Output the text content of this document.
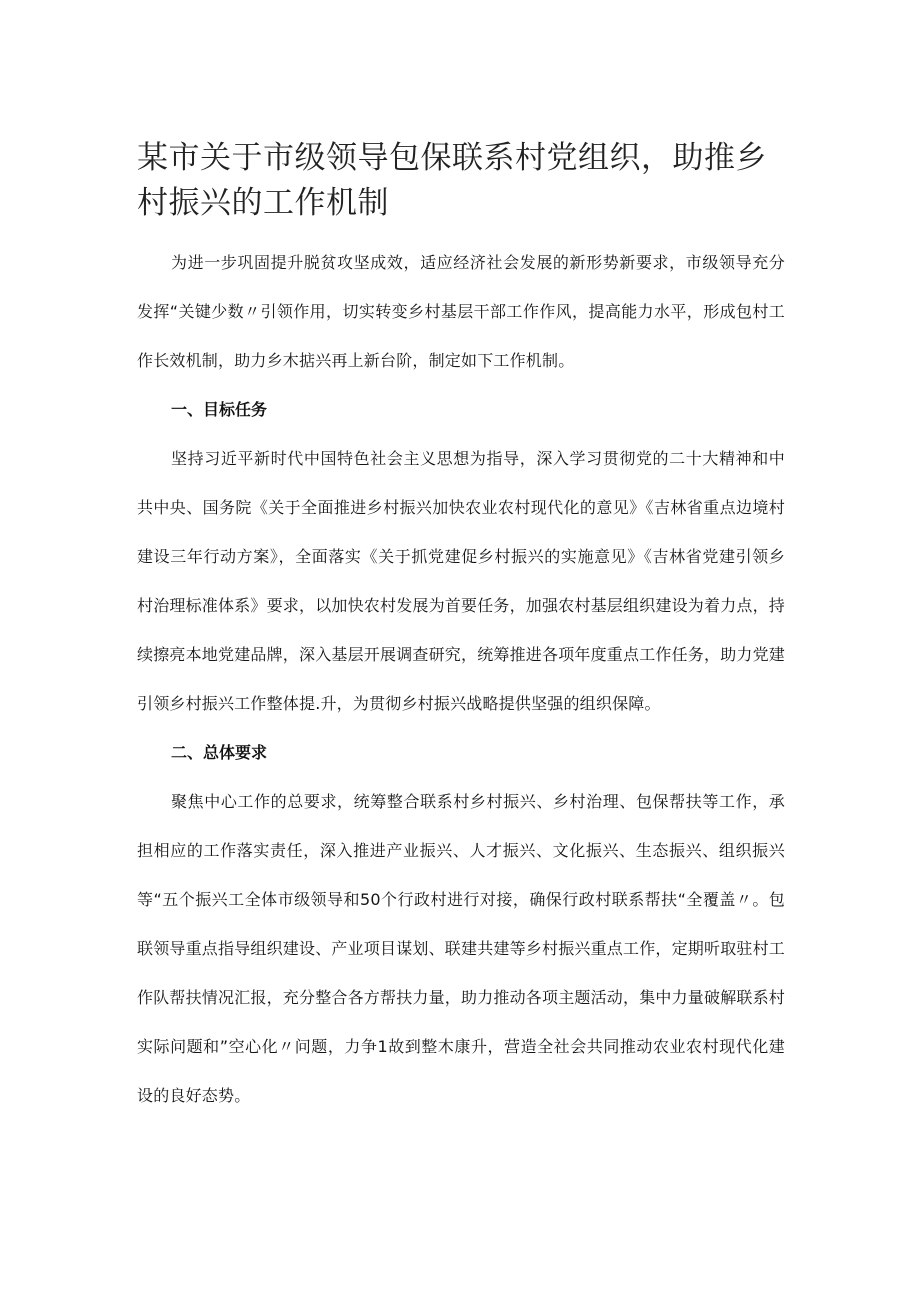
某市关于市级领导包保联系村党组织，助推乡村振兴的工作机制

为进一步巩固提升脱贫攻坚成效，适应经济社会发展的新形势新要求，市级领导充分发挥“关键少数〃引领作用，切实转变乡村基层干部工作作风，提高能力水平，形成包村工作长效机制，助力乡木掂兴再上新台阶，制定如下工作机制。

一、目标任务

坚持习近平新时代中国特色社会主义思想为指导，深入学习贯彻党的二十大精神和中共中央、国务院《关于全面推进乡村振兴加快农业农村现代化的意见》《吉林省重点边境村建设三年行动方案》，全面落实《关于抓党建促乡村振兴的实施意见》《吉林省党建引领乡村治理标准体系》要求，以加快农村发展为首要任务，加强农村基层组织建设为着力点，持续擦亮本地党建品牌，深入基层开展调查研究，统筹推进各项年度重点工作任务，助力党建引领乡村振兴工作整体提.升，为贯彻乡村振兴战略提供坚强的组织保障。

二、总体要求

聚焦中心工作的总要求，统筹整合联系村乡村振兴、乡村治理、包保帮扶等工作，承担相应的工作落实责任，深入推进产业振兴、人才振兴、文化振兴、生态振兴、组织振兴等“五个振兴工全体市级领导和50个行政村进行对接，确保行政村联系帮扶“全覆盖〃。包联领导重点指导组织建设、产业项目谋划、联建共建等乡村振兴重点工作，定期听取驻村工作队帮扶情况汇报，充分整合各方帮扶力量，助力推动各项主题活动，集中力量破解联系村实际问题和”空心化〃问题，力争1故到整木康升，营造全社会共同推动农业农村现代化建设的良好态势。
